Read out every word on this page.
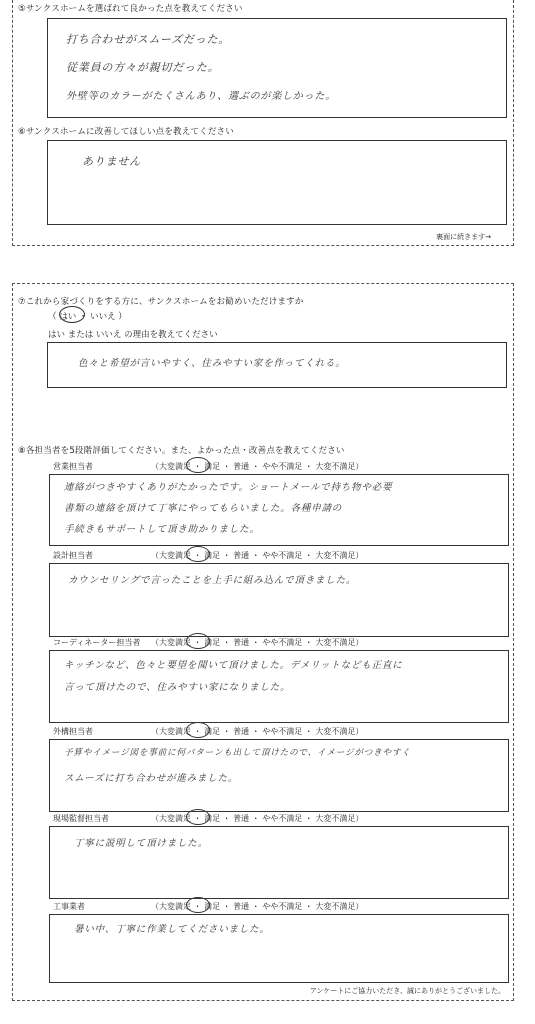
⑤サンクスホームを選ばれて良かった点を教えてください
打ち合わせがスムーズだった。
従業員の方々が親切だった。
外壁等のカラーがたくさんあり、選ぶのが楽しかった。
⑥サンクスホームに改善してほしい点を教えてください
ありません
裏面に続きます→
⑦これから家づくりをする方に、サンクスホームをお勧めいただけますか
（ はい ・ いいえ ）
はい または いいえ の理由を教えてください
色々と希望が言いやすく、住みやすい家を作ってくれる。
⑧各担当者を5段階評価してください。また、よかった点・改善点を教えてください
営業担当者	（大変満足 ・ 満足 ・ 普通 ・ やや不満足 ・ 大変不満足）
連絡がつきやすくありがたかったです。ショートメールで持ち物や必要
書類の連絡を頂けて丁寧にやってもらいました。各種申請の
手続きもサポートして頂き助かりました。
設計担当者	（大変満足 ・ 満足 ・ 普通 ・ やや不満足 ・ 大変不満足）
カウンセリングで言ったことを上手に組み込んで頂きました。
コーディネーター担当者 （大変満足 ・ 満足 ・ 普通 ・ やや不満足 ・ 大変不満足）
キッチンなど、色々と要望を聞いて頂けました。デメリットなども正直に
言って頂けたので、住みやすい家になりました。
外構担当者	（大変満足 ・ 満足 ・ 普通 ・ やや不満足 ・ 大変不満足）
予算やイメージ図を事前に何パターンも出して頂けたので、イメージがつきやすく
スムーズに打ち合わせが進みました。
現場監督担当者	（大変満足 ・ 満足 ・ 普通 ・ やや不満足 ・ 大変不満足）
丁寧に説明して頂けました。
工事業者	（大変満足 ・ 満足 ・ 普通 ・ やや不満足 ・ 大変不満足）
暑い中、丁寧に作業してくださいました。
アンケートにご協力いただき、誠にありがとうございました。
